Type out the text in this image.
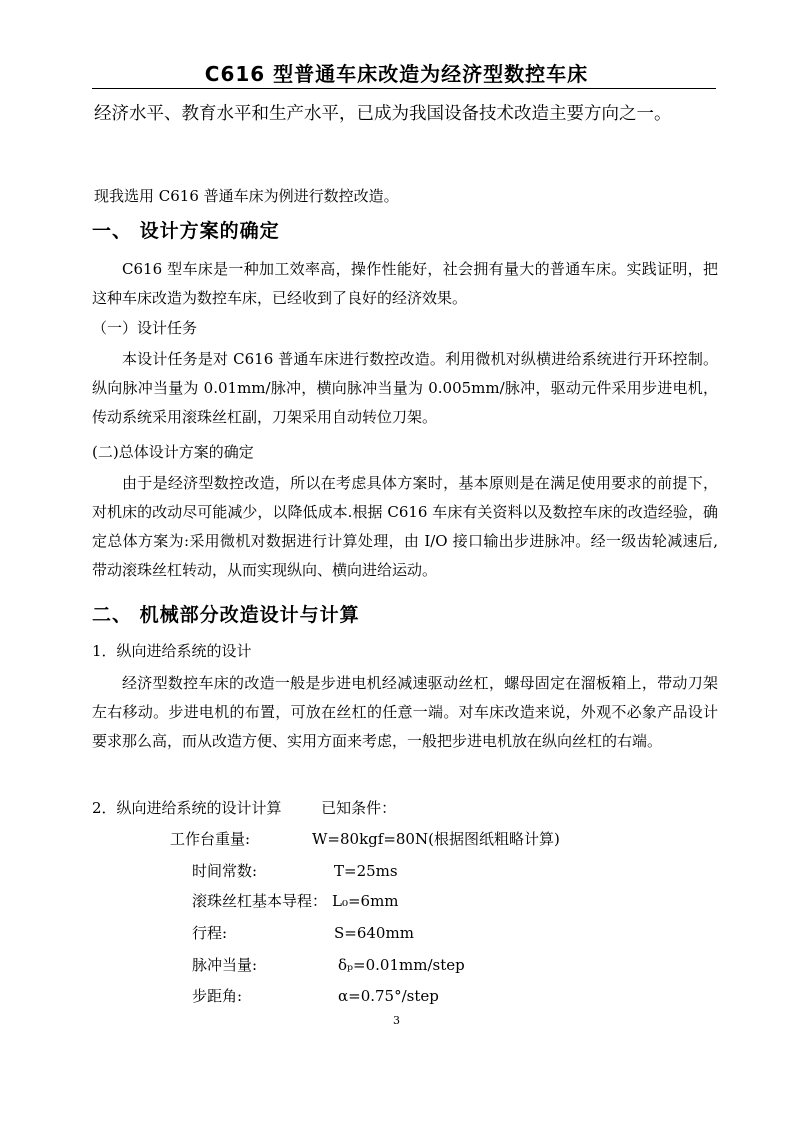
C616 型普通车床改造为经济型数控车床

经济水平、教育水平和生产水平，已成为我国设备技术改造主要方向之一。

现我选用 C616 普通车床为例进行数控改造。

一、 设计方案的确定

C616 型车床是一种加工效率高，操作性能好，社会拥有量大的普通车床。实践证明，把这种车床改造为数控车床，已经收到了良好的经济效果。

（一）设计任务

本设计任务是对 C616 普通车床进行数控改造。利用微机对纵横进给系统进行开环控制。纵向脉冲当量为 0.01mm/脉冲，横向脉冲当量为 0.005mm/脉冲，驱动元件采用步进电机，传动系统采用滚珠丝杠副，刀架采用自动转位刀架。

(二)总体设计方案的确定

由于是经济型数控改造，所以在考虑具体方案时，基本原则是在满足使用要求的前提下，对机床的改动尽可能减少，以降低成本.根据 C616 车床有关资料以及数控车床的改造经验，确定总体方案为:采用微机对数据进行计算处理，由 I/O 接口输出步进脉冲。经一级齿轮减速后,带动滚珠丝杠转动，从而实现纵向、横向进给运动。

二、 机械部分改造设计与计算

1．纵向进给系统的设计

经济型数控车床的改造一般是步进电机经减速驱动丝杠，螺母固定在溜板箱上，带动刀架左右移动。步进电机的布置，可放在丝杠的任意一端。对车床改造来说，外观不必象产品设计要求那么高，而从改造方便、实用方面来考虑，一般把步进电机放在纵向丝杠的右端。

2．纵向进给系统的设计计算	已知条件：

工作台重量:	W=80kgf=80N(根据图纸粗略计算)

时间常数:	T=25ms

滚珠丝杠基本导程： L₀=6mm

行程:	S=640mm

脉冲当量:	δₚ=0.01mm/step

步距角:	α=0.75°/step

3
